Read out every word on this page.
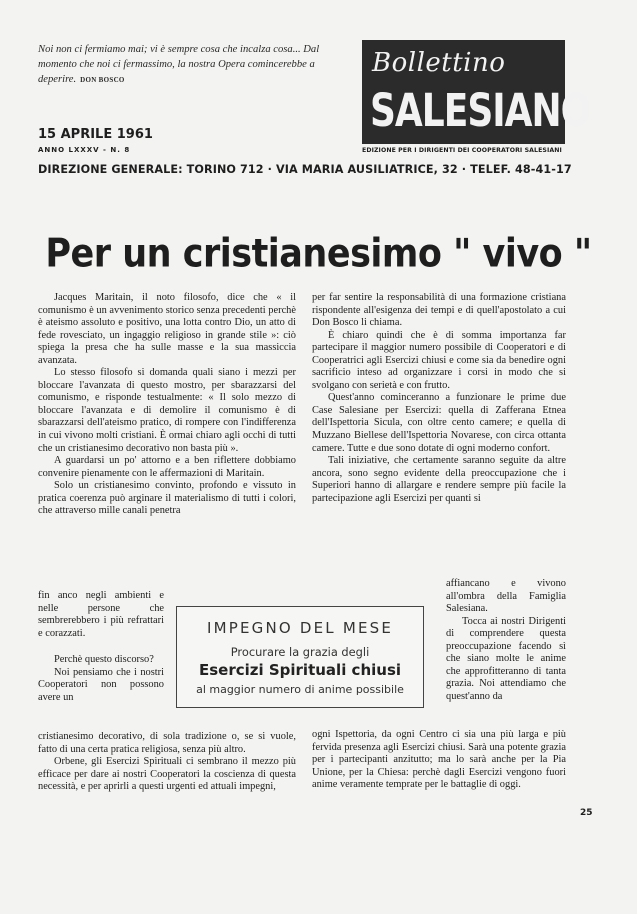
Noi non ci fermiamo mai; vi è sempre cosa che incalza cosa... Dal momento che noi ci fermassimo, la nostra Opera comincerebbe a deperire. DON BOSCO
Bollettino
SALESIANO
EDIZIONE PER I DIRIGENTI DEI COOPERATORI SALESIANI
15 APRILE 1961
ANNO LXXXV - N. 8
DIREZIONE GENERALE: TORINO 712 · VIA MARIA AUSILIATRICE, 32 · TELEF. 48-41-17
Per un cristianesimo " vivo "

Jacques Maritain, il noto filosofo, dice che « il comunismo è un avvenimento storico senza precedenti perchè è ateismo assoluto e positivo, una lotta contro Dio, un atto di fede rovesciato, un ingaggio religioso in grande stile »: ciò spiega la presa che ha sulle masse e la sua massiccia avanzata.

Lo stesso filosofo si domanda quali siano i mezzi per bloccare l'avanzata di questo mostro, per sbarazzarsi del comunismo, e risponde testualmente: « Il solo mezzo di bloccare l'avanzata e di demolire il comunismo è di sbarazzarsi dell'ateismo pratico, di rompere con l'indifferenza in cui vivono molti cristiani. È ormai chiaro agli occhi di tutti che un cristianesimo decorativo non basta più ».

A guardarsi un po' attorno e a ben riflettere dobbiamo convenire pienamente con le affermazioni di Maritain.

Solo un cristianesimo convinto, profondo e vissuto in pratica coerenza può arginare il materialismo di tutti i colori, che attraverso mille canali penetra

fin anco negli ambienti e nelle persone che sembrerebbero i più refrattari e corazzati.

Perchè questo discorso?

Noi pensiamo che i nostri Cooperatori non possono avere un

cristianesimo decorativo, di sola tradizione o, se si vuole, fatto di una certa pratica religiosa, senza più altro.

Orbene, gli Esercizi Spirituali ci sembrano il mezzo più efficace per dare ai nostri Cooperatori la coscienza di questa necessità, e per aprirli a questi urgenti ed attuali impegni,

per far sentire la responsabilità di una formazione cristiana rispondente all'esigenza dei tempi e di quell'apostolato a cui Don Bosco li chiama.

È chiaro quindi che è di somma importanza far partecipare il maggior numero possibile di Cooperatori e di Cooperatrici agli Esercizi chiusi e come sia da benedire ogni sacrificio inteso ad organizzare i corsi in modo che si svolgano con serietà e con frutto.

Quest'anno cominceranno a funzionare le prime due Case Salesiane per Esercizi: quella di Zafferana Etnea dell'Ispettoria Sicula, con oltre cento camere; e quella di Muzzano Biellese dell'Ispettoria Novarese, con circa ottanta camere. Tutte e due sono dotate di ogni moderno confort.

Tali iniziative, che certamente saranno seguite da altre ancora, sono segno evidente della preoccupazione che i Superiori hanno di allargare e rendere sempre più facile la partecipazione agli Esercizi per quanti si

affiancano e vivono all'ombra della Famiglia Salesiana.

Tocca ai nostri Dirigenti di comprendere questa preoccupazione facendo sì che siano molte le anime che approfitteranno di tanta grazia. Noi attendiamo che quest'anno da

ogni Ispettoria, da ogni Centro ci sia una più larga e più fervida presenza agli Esercizi chiusi. Sarà una potente grazia per i partecipanti anzitutto; ma lo sarà anche per la Pia Unione, per la Chiesa: perchè dagli Esercizi vengono fuori anime veramente temprate per le battaglie di oggi.

IMPEGNO DEL MESE
Procurare la grazia degli
Esercizi Spirituali chiusi
al maggior numero di anime possibile
25
